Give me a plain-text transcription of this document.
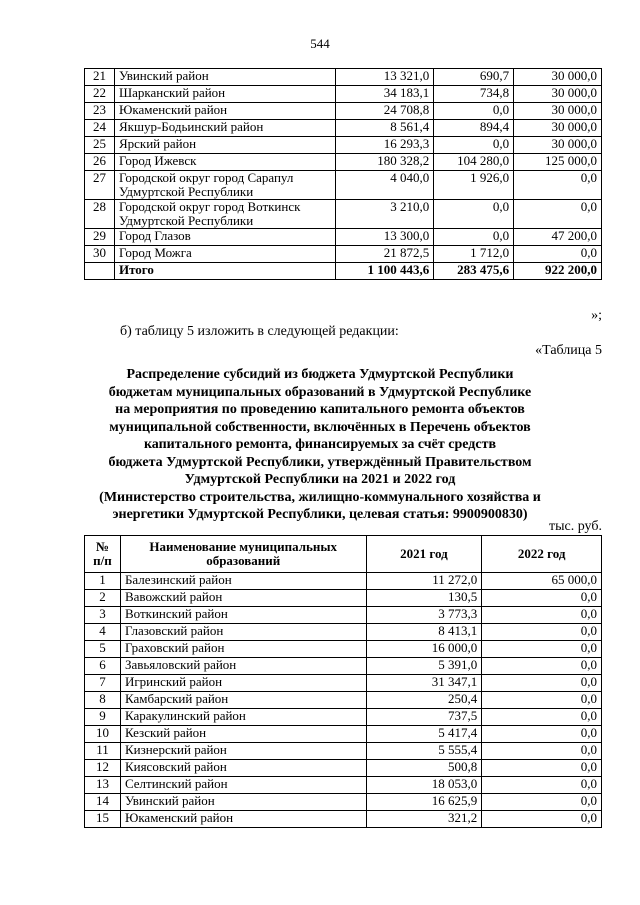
544
21	Увинский район	13 321,0	690,7	30 000,0
22	Шарканский район	34 183,1	734,8	30 000,0
23	Юкаменский район	24 708,8	0,0	30 000,0
24	Якшур-Бодьинский район	8 561,4	894,4	30 000,0
25	Ярский район	16 293,3	0,0	30 000,0
26	Город Ижевск	180 328,2	104 280,0	125 000,0
27	Городской округ город Сарапул Удмуртской Республики	4 040,0	1 926,0	0,0
28	Городской округ город Воткинск Удмуртской Республики	3 210,0	0,0	0,0
29	Город Глазов	13 300,0	0,0	47 200,0
30	Город Можга	21 872,5	1 712,0	0,0
	Итого	1 100 443,6	283 475,6	922 200,0
»;
б) таблицу 5 изложить в следующей редакции:
«Таблица 5
Распределение субсидий из бюджета Удмуртской Республики
бюджетам муниципальных образований в Удмуртской Республике
на мероприятия по проведению капитального ремонта объектов
муниципальной собственности, включённых в Перечень объектов
капитального ремонта, финансируемых за счёт средств
бюджета Удмуртской Республики, утверждённый Правительством
Удмуртской Республики на 2021 и 2022 год
(Министерство строительства, жилищно-коммунального хозяйства и
энергетики Удмуртской Республики, целевая статья: 9900900830)
тыс. руб.
№ п/п	Наименование муниципальных образований	2021 год	2022 год
1	Балезинский район	11 272,0	65 000,0
2	Вавожский район	130,5	0,0
3	Воткинский район	3 773,3	0,0
4	Глазовский район	8 413,1	0,0
5	Граховский район	16 000,0	0,0
6	Завьяловский район	5 391,0	0,0
7	Игринский район	31 347,1	0,0
8	Камбарский район	250,4	0,0
9	Каракулинский район	737,5	0,0
10	Кезский район	5 417,4	0,0
11	Кизнерский район	5 555,4	0,0
12	Киясовский район	500,8	0,0
13	Селтинский район	18 053,0	0,0
14	Увинский район	16 625,9	0,0
15	Юкаменский район	321,2	0,0
